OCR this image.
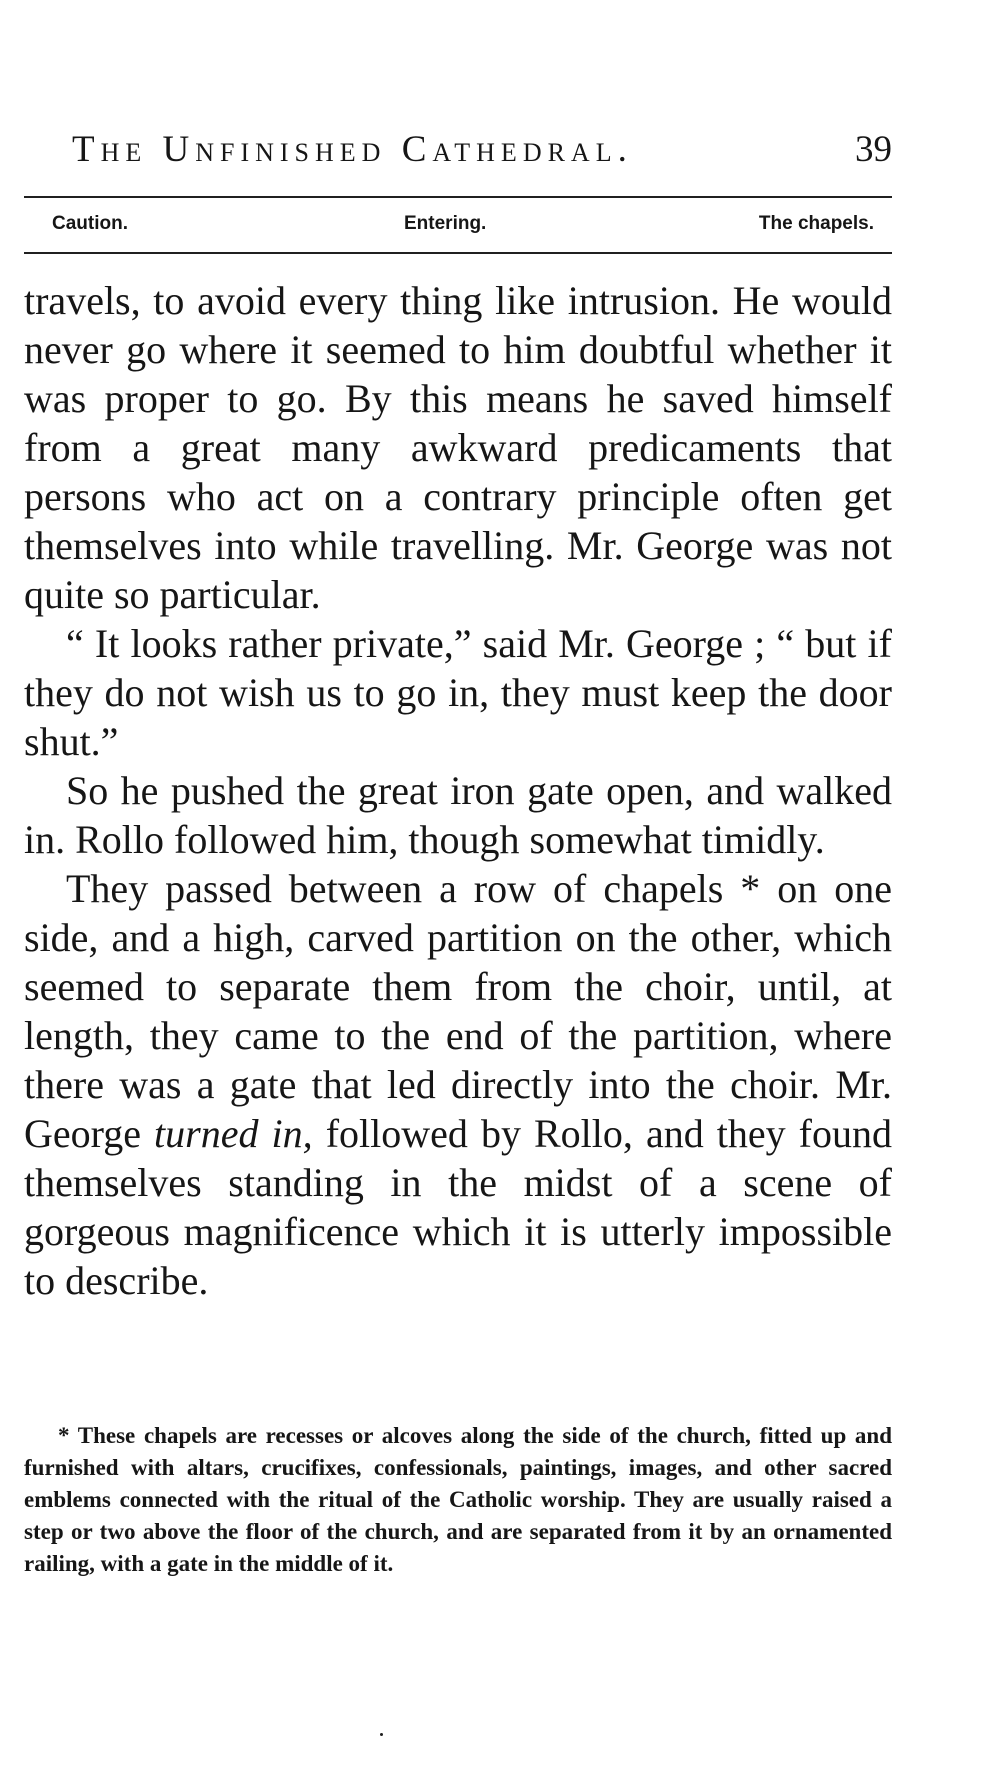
The Unfinished Cathedral.	39
Caution.	Entering.	The chapels.

travels, to avoid every thing like intrusion. He would never go where it seemed to him doubtful whether it was proper to go. By this means he saved himself from a great many awkward predicaments that persons who act on a contrary principle often get themselves into while travelling. Mr. George was not quite so particular.

“ It looks rather private,” said Mr. George ; “ but if they do not wish us to go in, they must keep the door shut.”

So he pushed the great iron gate open, and walked in. Rollo followed him, though somewhat timidly.

They passed between a row of chapels * on one side, and a high, carved partition on the other, which seemed to separate them from the choir, until, at length, they came to the end of the partition, where there was a gate that led directly into the choir. Mr. George turned in, followed by Rollo, and they found themselves standing in the midst of a scene of gorgeous magnificence which it is utterly impossible to describe.

* These chapels are recesses or alcoves along the side of the church, fitted up and furnished with altars, crucifixes, confessionals, paintings, images, and other sacred emblems connected with the ritual of the Catholic worship. They are usually raised a step or two above the floor of the church, and are separated from it by an ornamented railing, with a gate in the middle of it.
